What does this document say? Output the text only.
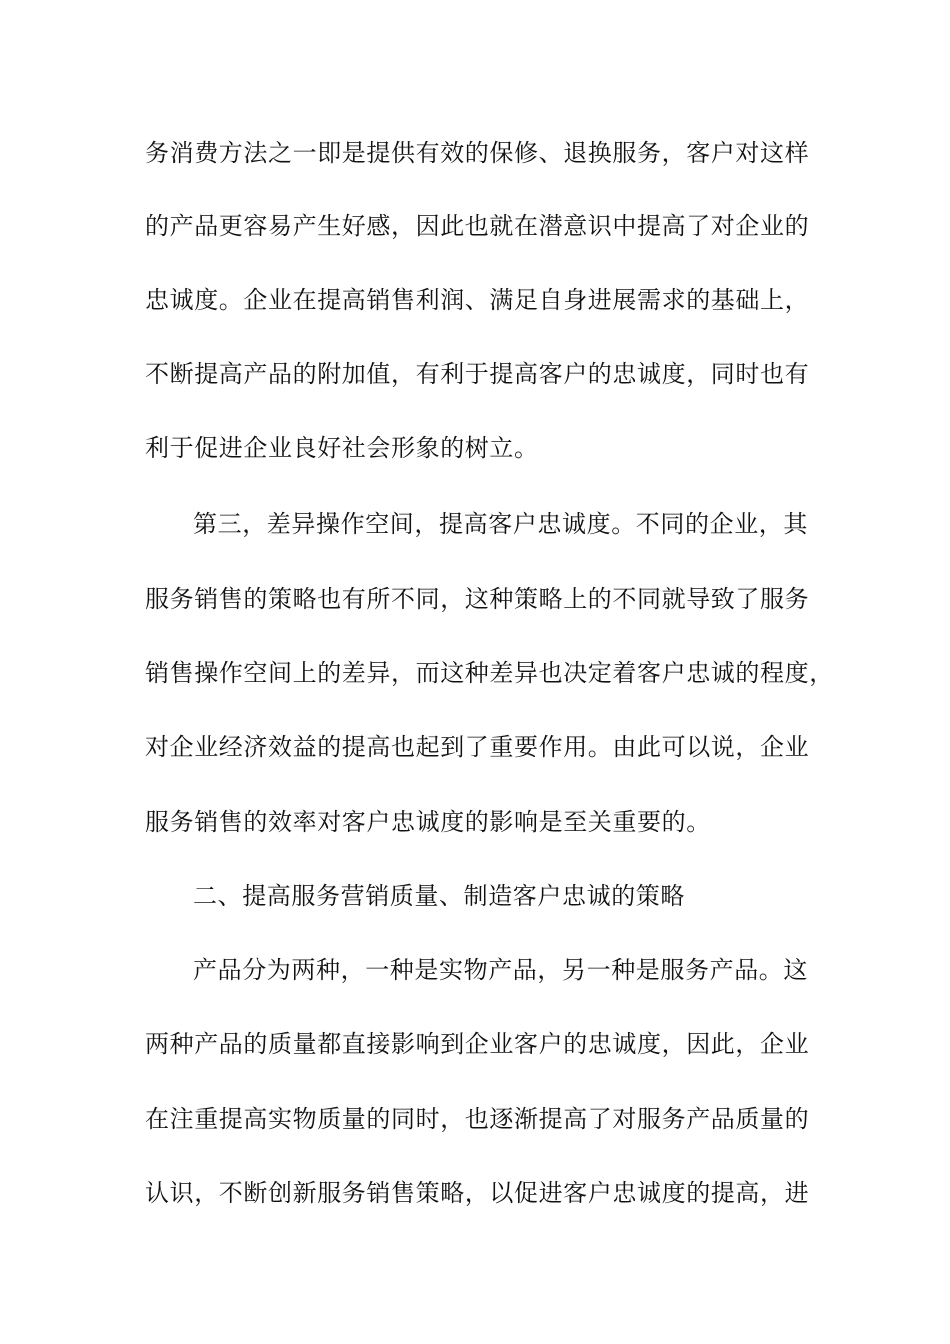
务消费方法之一即是提供有效的保修、退换服务，客户对这样

的产品更容易产生好感，因此也就在潜意识中提高了对企业的

忠诚度。企业在提高销售利润、满足自身进展需求的基础上，

不断提高产品的附加值，有利于提高客户的忠诚度，同时也有

利于促进企业良好社会形象的树立。

第三，差异操作空间，提高客户忠诚度。不同的企业，其

服务销售的策略也有所不同，这种策略上的不同就导致了服务

销售操作空间上的差异，而这种差异也决定着客户忠诚的程度，

对企业经济效益的提高也起到了重要作用。由此可以说，企业

服务销售的效率对客户忠诚度的影响是至关重要的。

二、提高服务营销质量、制造客户忠诚的策略

产品分为两种，一种是实物产品，另一种是服务产品。这

两种产品的质量都直接影响到企业客户的忠诚度，因此，企业

在注重提高实物质量的同时，也逐渐提高了对服务产品质量的

认识，不断创新服务销售策略，以促进客户忠诚度的提高，进
